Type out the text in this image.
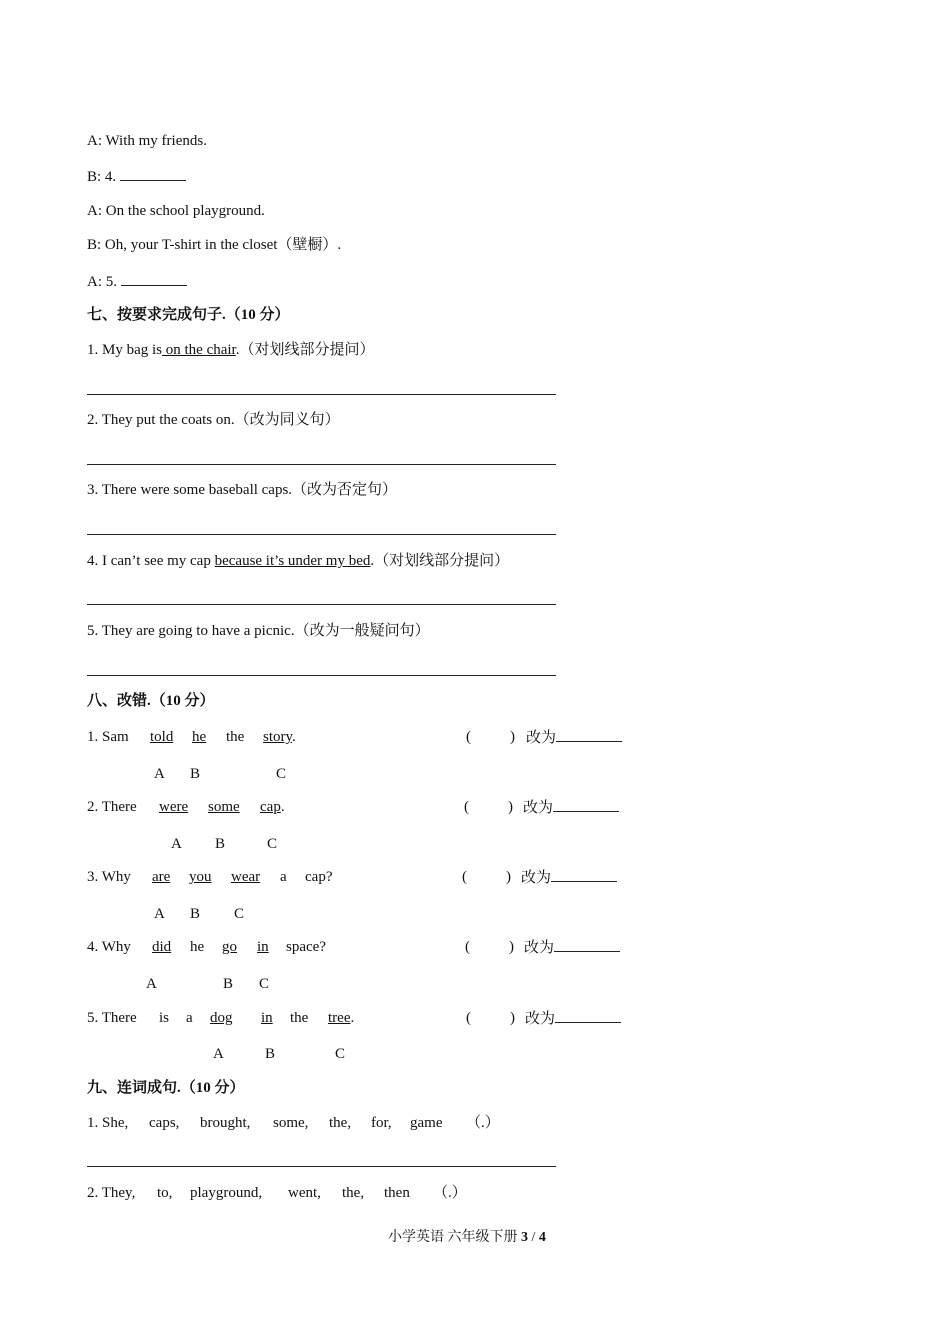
A: With my friends.
B: 4.
A: On the school playground.
B: Oh, your T-shirt in the closet（壁橱）.
A: 5.
七、按要求完成句子.（10 分）
1. My bag is on the chair.（对划线部分提问）
2. They put the coats on.（改为同义句）
3. There were some baseball caps.（改为否定句）
4. I can’t see my cap because it’s under my bed.（对划线部分提问）
5. They are going to have a picnic.（改为一般疑问句）
八、改错.（10 分）
1. Sam told he the story.	(	) 改为
A B	C
2. There were some cap.	(	) 改为
A B	C
3. Why are you wear a cap?	(	) 改为
A B C
4. Why did he go in space?	(	) 改为
A	B C
5. There is a dog in the tree.	(	) 改为
A	B	C
九、连词成句.（10 分）
1. She, caps, brought, some, the, for, game （.）
2. They, to, playground, went, the, then （.）
小学英语 六年级下册 3 / 4
